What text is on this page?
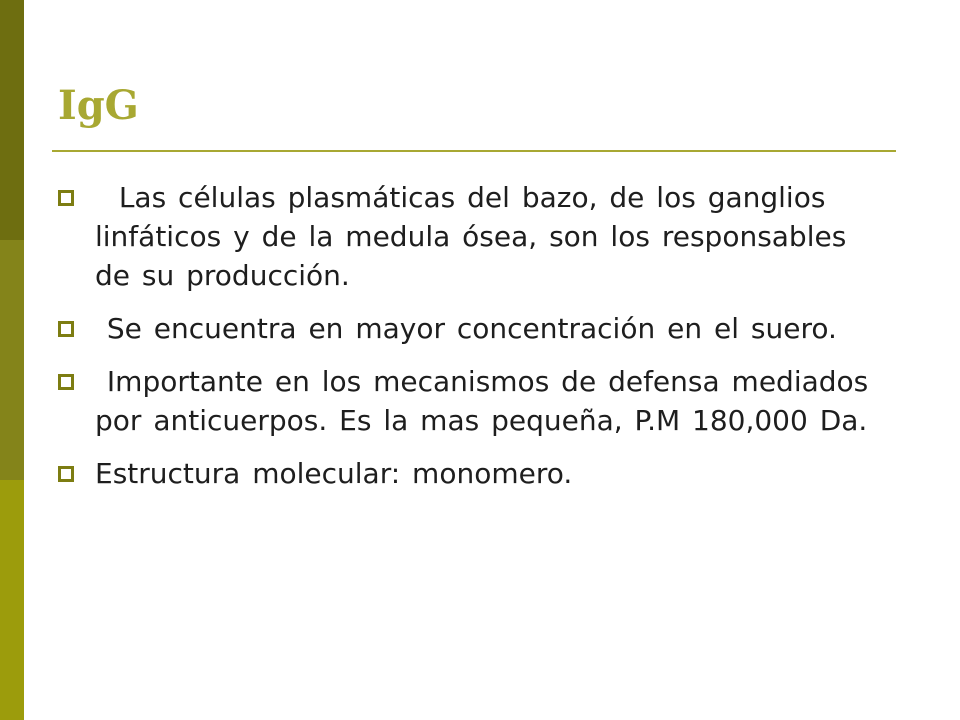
IgG
Las células plasmáticas del bazo, de los ganglios linfáticos y de la medula ósea, son los responsables de su producción.
Se encuentra en mayor concentración en el suero.
Importante en los mecanismos de defensa mediados por anticuerpos. Es la mas pequeña, P.M 180,000 Da.
Estructura molecular: monomero.
